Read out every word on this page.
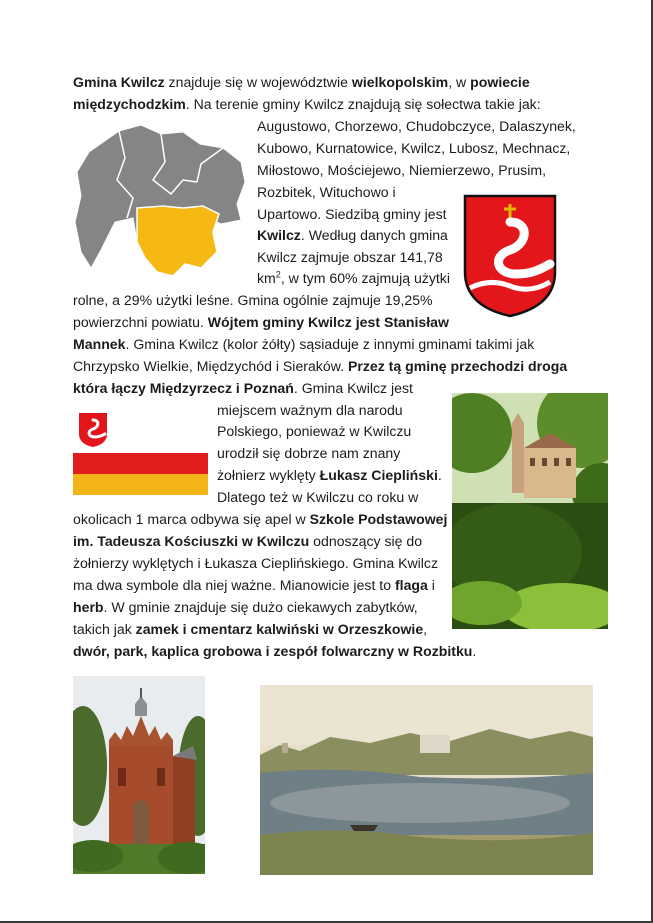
Gmina Kwilcz znajduje się w województwie wielkopolskim, w powiecie
międzychodzkim. Na terenie gminy Kwilcz znajdują się sołectwa takie jak:
Augustowo, Chorzewo, Chudobczyce, Dalaszynek,
Kubowo, Kurnatowice, Kwilcz, Lubosz, Mechnacz,
Miłostowo, Mościejewo, Niemierzewo, Prusim,
Rozbitek, Wituchowo i
Upartowo. Siedzibą gminy jest
Kwilcz. Według danych gmina
Kwilcz zajmuje obszar 141,78
$km^2$, w tym 60% zajmują użytki
rolne, a 29% użytki leśne. Gmina ogólnie zajmuje 19,25%
powierzchni powiatu. Wójtem gminy Kwilcz jest Stanisław
Mannek. Gmina Kwilcz (kolor żółty) sąsiaduje z innymi gminami takimi jak
Chrzypsko Wielkie, Międzychód i Sieraków. Przez tą gminę przechodzi droga
która łączy Międzyrzecz i Poznań. Gmina Kwilcz jest
miejscem ważnym dla narodu
Polskiego, ponieważ w Kwilczu
urodził się dobrze nam znany
żołnierz wyklęty Łukasz Ciepliński.
Dlatego też w Kwilczu co roku w
okolicach 1 marca odbywa się apel w Szkole Podstawowej
im. Tadeusza Kościuszki w Kwilczu odnoszący się do
żołnierzy wyklętych i Łukasza Cieplińskiego. Gmina Kwilcz
ma dwa symbole dla niej ważne. Mianowicie jest to flaga i
herb. W gminie znajduje się dużo ciekawych zabytków,
takich jak zamek i cmentarz kalwiński w Orzeszkowie,
dwór, park, kaplica grobowa i zespół folwarczny w Rozbitku.
